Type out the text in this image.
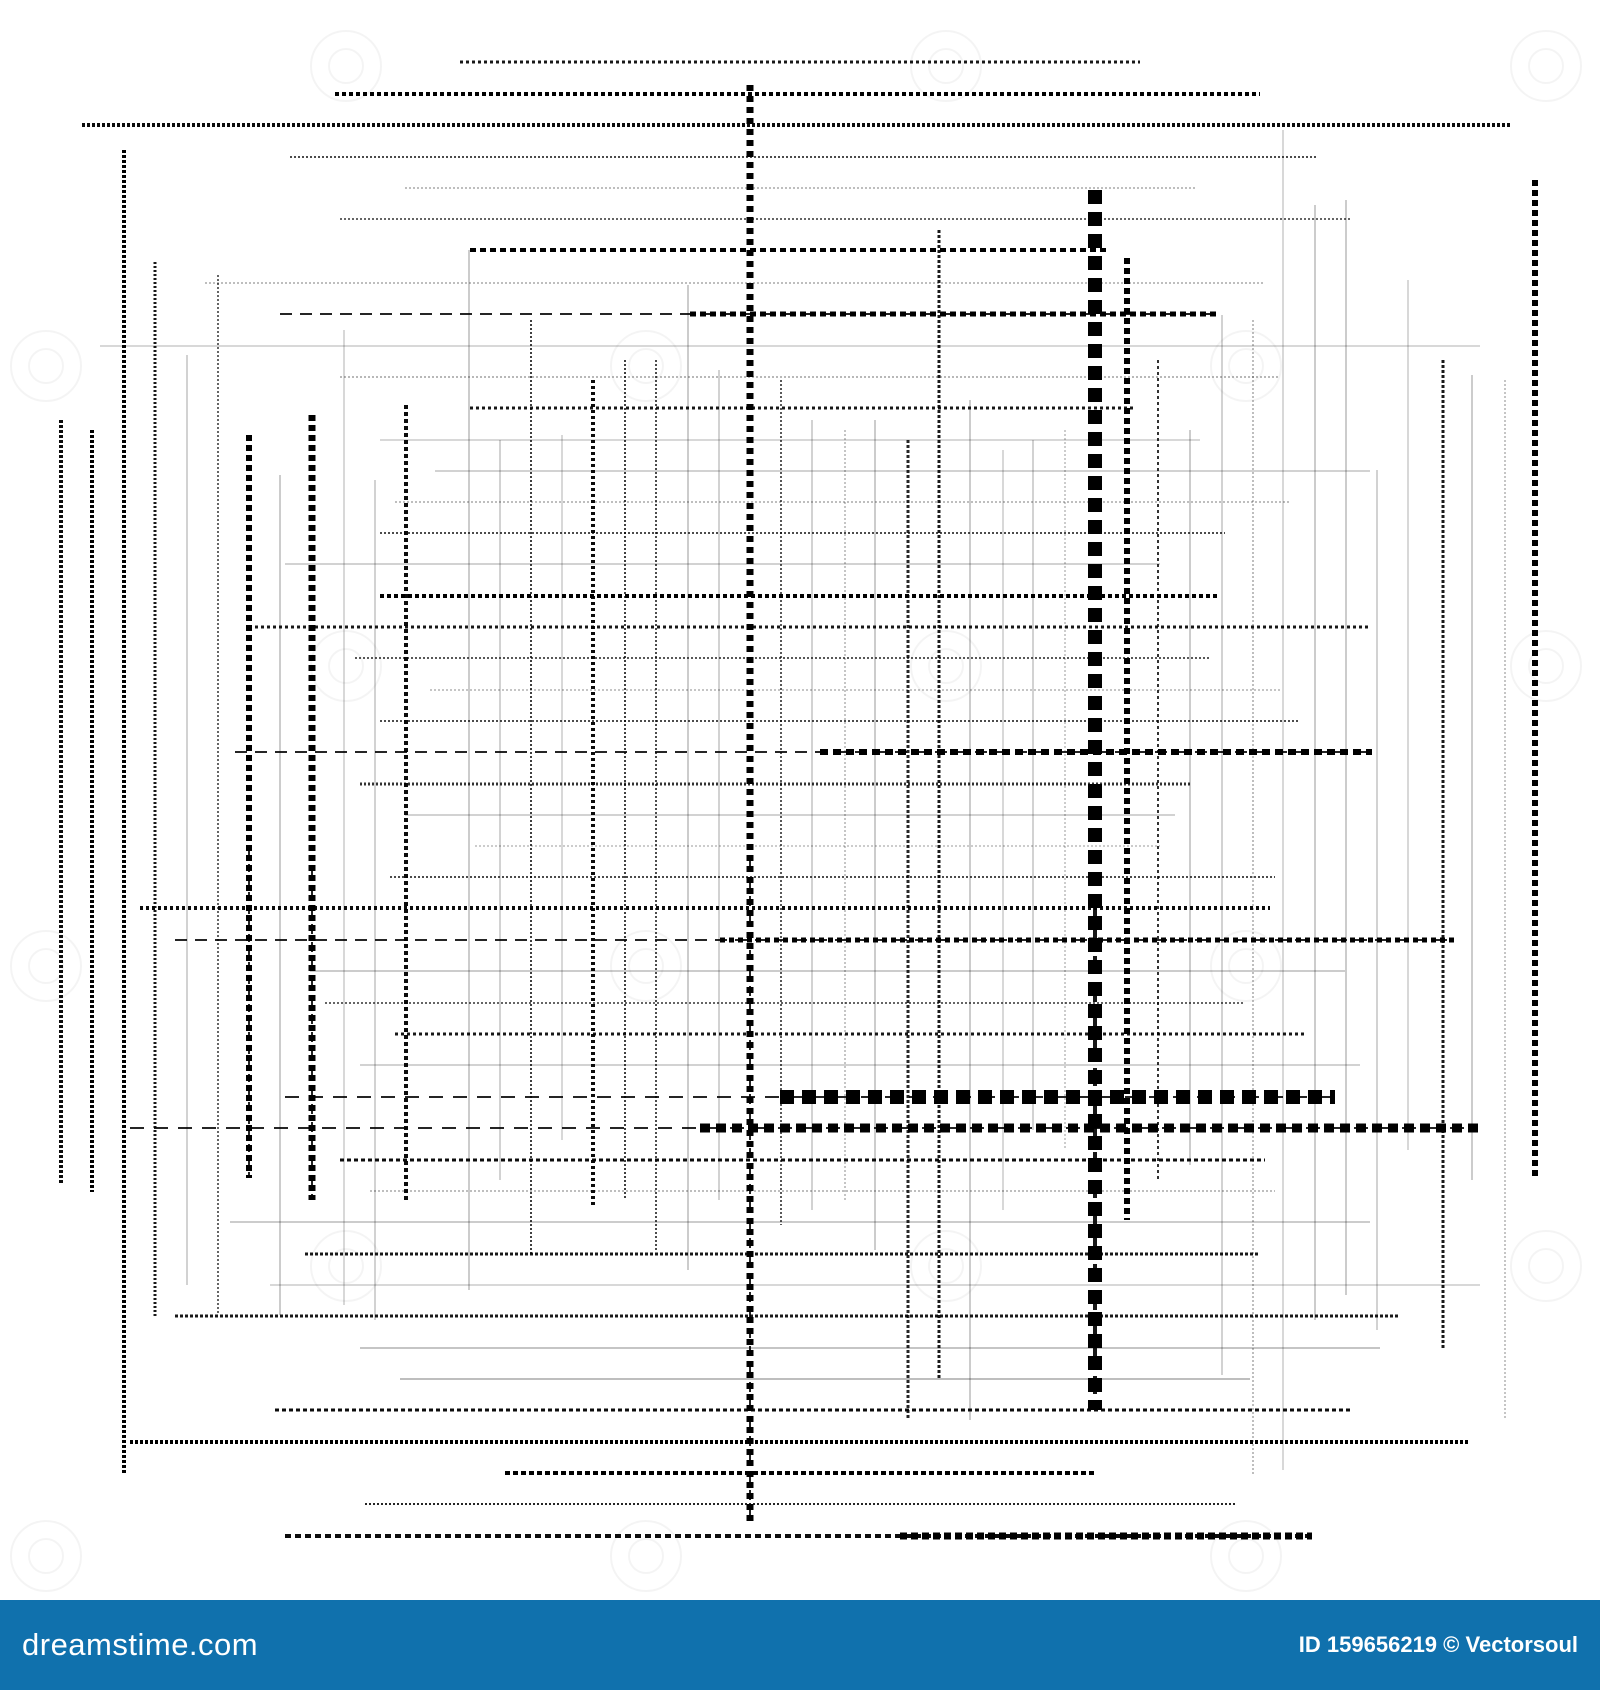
dreamstime.com	ID 159656219 © Vectorsoul
